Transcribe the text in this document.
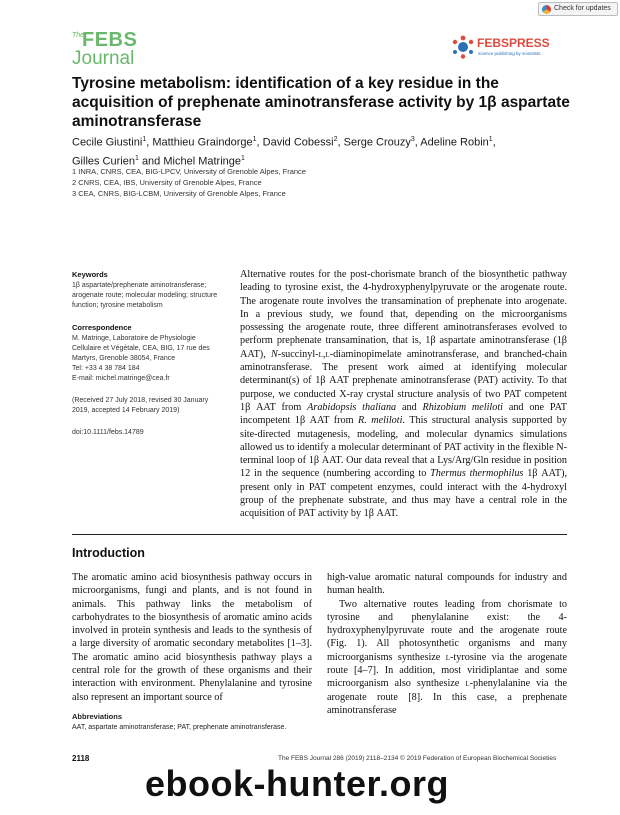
Check for updates
The
FEBS
Journal
FEBSPRESS
science publishing by scientists
Tyrosine metabolism: identification of a key residue in the acquisition of prephenate aminotransferase activity by 1β aspartate aminotransferase
Cecile Giustini$^1$, Matthieu Graindorge$^1$, David Cobessi$^2$, Serge Crouzy$^3$, Adeline Robin$^1$,
Gilles Curien$^1$ and Michel Matringe$^1$
1 INRA, CNRS, CEA, BIG-LPCV, University of Grenoble Alpes, France
2 CNRS, CEA, IBS, University of Grenoble Alpes, France
3 CEA, CNRS, BIG-LCBM, University of Grenoble Alpes, France
Keywords

1β aspartate/prephenate aminotransferase; arogenate route; molecular modeling; structure function; tyrosine metabolism

Correspondence

M. Matringe, Laboratoire de Physiologie

Cellulaire et Végétale, CEA, BIG, 17 rue des

Martyrs, Grenoble 38054, France

Tel: +33 4 38 784 184

E-mail: michel.matringe@cea.fr

(Received 27 July 2018, revised 30 January

2019, accepted 14 February 2019)

doi:10.1111/febs.14789

Alternative routes for the post-chorismate branch of the biosynthetic pathway leading to tyrosine exist, the 4-hydroxyphenylpyruvate or the arogenate route. The arogenate route involves the transamination of prephenate into arogenate. In a previous study, we found that, depending on the microorganisms possessing the arogenate route, three different aminotransferases evolved to perform prephenate transamination, that is, 1β aspartate aminotransferase (1β AAT), N-succinyl-l,l-diaminopimelate aminotransferase, and branched-chain aminotransferase. The present work aimed at identifying molecular determinant(s) of 1β AAT prephenate aminotransferase (PAT) activity. To that purpose, we conducted X-ray crystal structure analysis of two PAT competent 1β AAT from Arabidopsis thaliana and Rhizobium meliloti and one PAT incompetent 1β AAT from R. meliloti. This structural analysis supported by site-directed mutagenesis, modeling, and molecular dynamics simulations allowed us to identify a molecular determinant of PAT activity in the flexible N-terminal loop of 1β AAT. Our data reveal that a Lys/Arg/Gln residue in position 12 in the sequence (numbering according to Thermus thermophilus 1β AAT), present only in PAT competent enzymes, could interact with the 4-hydroxyl group of the prephenate substrate, and thus may have a central role in the acquisition of PAT activity by 1β AAT.
Introduction

The aromatic amino acid biosynthesis pathway occurs in microorganisms, fungi and plants, and is not found in animals. This pathway links the metabolism of carbohydrates to the biosynthesis of aromatic amino acids involved in protein synthesis and leads to the synthesis of a large diversity of aromatic secondary metabolites [1–3]. The aromatic amino acid biosynthesis pathway plays a central role for the growth of these organisms and their interaction with environment. Phenylalanine and tyrosine also represent an important source of

high-value aromatic natural compounds for industry and human health.

Two alternative routes leading from chorismate to tyrosine and phenylalanine exist: the 4-hydroxyphenylpyruvate route and the arogenate route (Fig. 1). All photosynthetic organisms and many microorganisms synthesize l-tyrosine via the arogenate route [4–7]. In addition, most viridiplantae and some microorganism also synthesize l-phenylalanine via the arogenate route [8]. In this case, a prephenate aminotransferase

Abbreviations
AAT, aspartate aminotransferase; PAT, prephenate aminotransferase.
2118	The FEBS Journal 286 (2019) 2118–2134 © 2019 Federation of European Biochemical Societies
ebook-hunter.org
